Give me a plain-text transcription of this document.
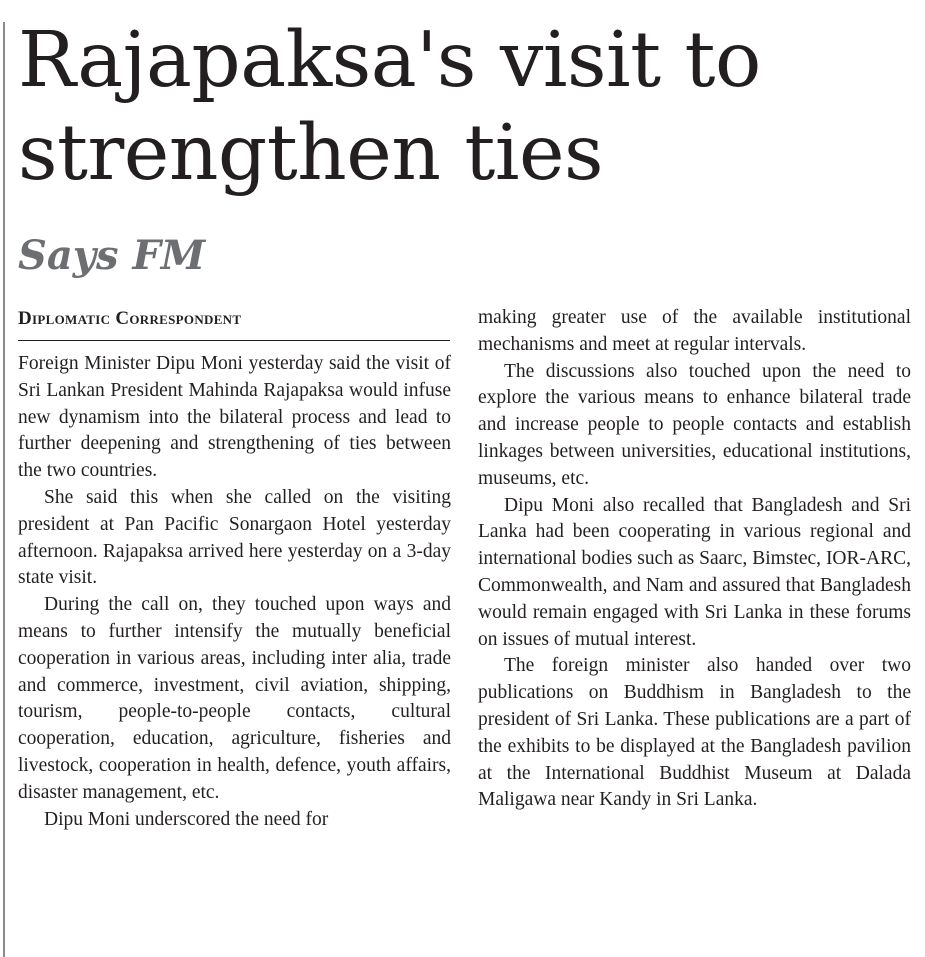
Rajapaksa's visit to strengthen ties
Says FM
Diplomatic Correspondent

Foreign Minister Dipu Moni yesterday said the visit of Sri Lankan President Mahinda Rajapaksa would infuse new dynamism into the bilateral process and lead to further deepening and strengthening of ties between the two countries.

She said this when she called on the visiting president at Pan Pacific Sonargaon Hotel yesterday afternoon. Rajapaksa arrived here yesterday on a 3-day state visit.

During the call on, they touched upon ways and means to further intensify the mutually beneficial cooperation in various areas, including inter alia, trade and commerce, investment, civil aviation, shipping, tourism, people-to-people contacts, cultural cooperation, education, agriculture, fisheries and livestock, cooperation in health, defence, youth affairs, disaster management, etc.

Dipu Moni underscored the need for

making greater use of the available institutional mechanisms and meet at regular intervals.

The discussions also touched upon the need to explore the various means to enhance bilateral trade and increase people to people contacts and establish linkages between universities, educational institutions, museums, etc.

Dipu Moni also recalled that Bangladesh and Sri Lanka had been cooperating in various regional and international bodies such as Saarc, Bimstec, IOR-ARC, Commonwealth, and Nam and assured that Bangladesh would remain engaged with Sri Lanka in these forums on issues of mutual interest.

The foreign minister also handed over two publications on Buddhism in Bangladesh to the president of Sri Lanka. These publications are a part of the exhibits to be displayed at the Bangladesh pavilion at the International Buddhist Museum at Dalada Maligawa near Kandy in Sri Lanka.
